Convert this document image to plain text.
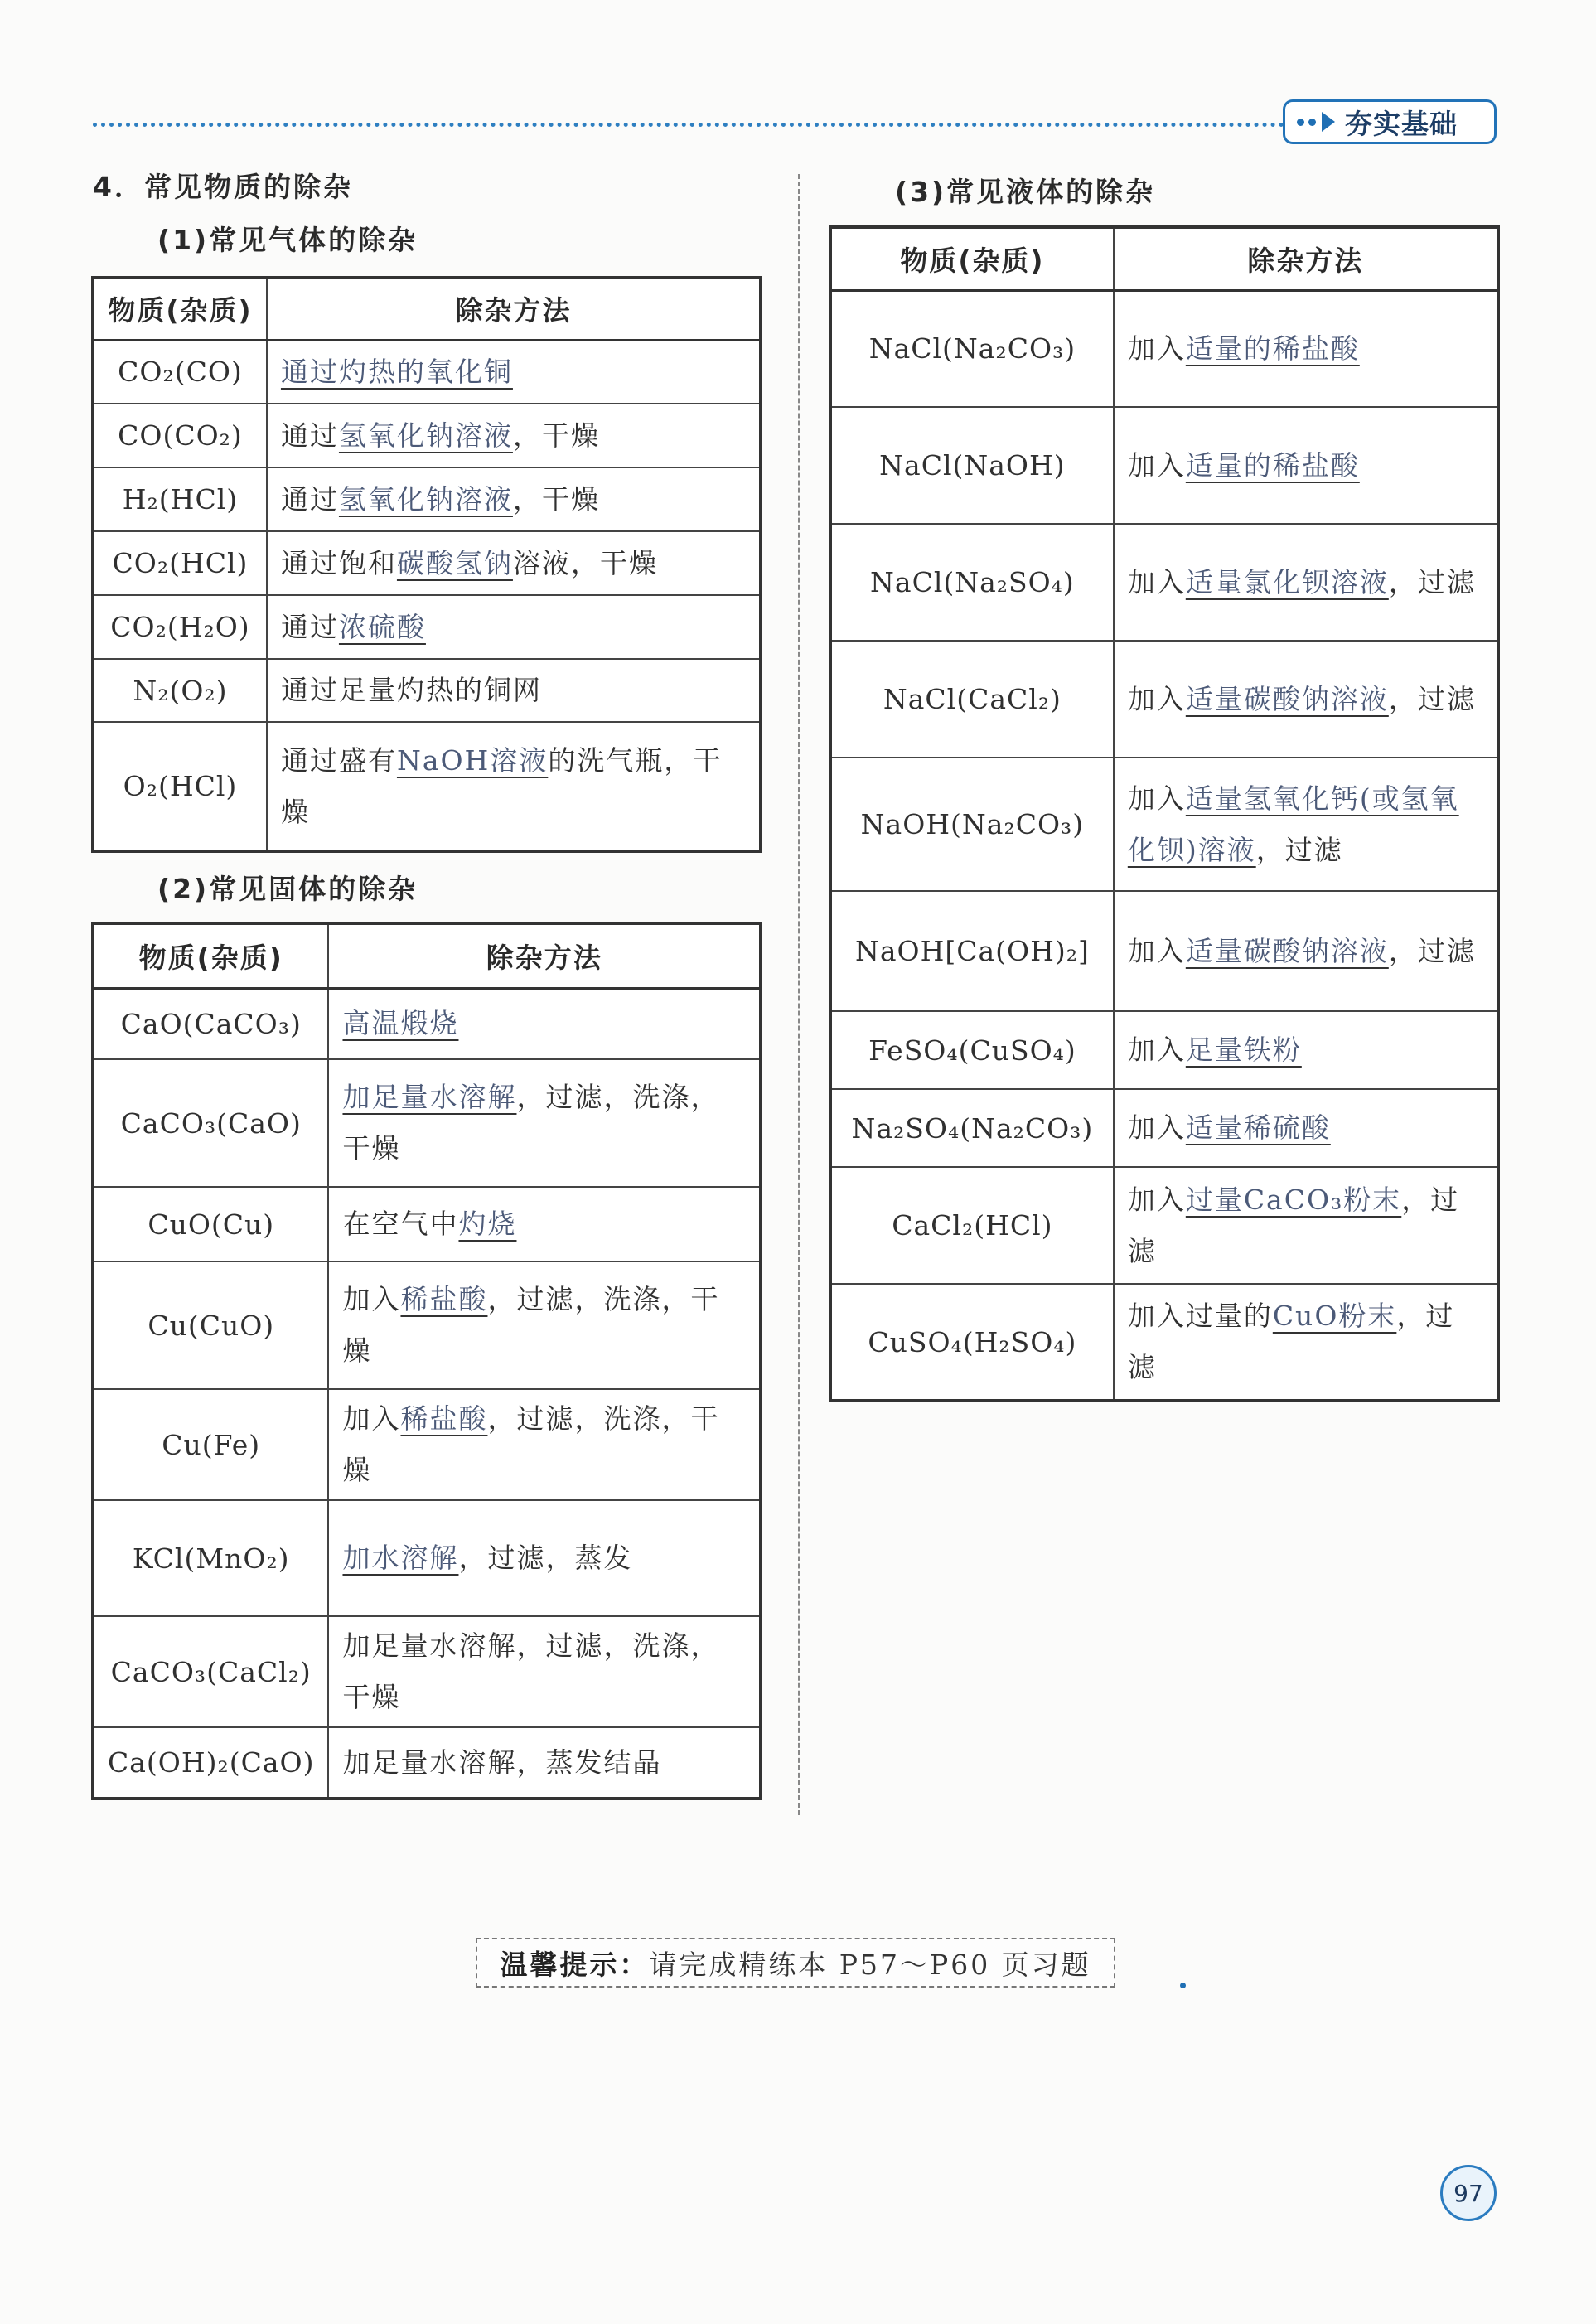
夯实基础
4．常见物质的除杂
(1)常见气体的除杂
物质(杂质)	除杂方法
CO₂(CO)	通过灼热的氧化铜
CO(CO₂)	通过氢氧化钠溶液，干燥
H₂(HCl)	通过氢氧化钠溶液，干燥
CO₂(HCl)	通过饱和碳酸氢钠溶液，干燥
CO₂(H₂O)	通过浓硫酸
N₂(O₂)	通过足量灼热的铜网
O₂(HCl)	通过盛有NaOH溶液的洗气瓶，干燥
(2)常见固体的除杂
物质(杂质)	除杂方法
CaO(CaCO₃)	高温煅烧
CaCO₃(CaO)	加足量水溶解，过滤，洗涤，干燥
CuO(Cu)	在空气中灼烧
Cu(CuO)	加入稀盐酸，过滤，洗涤，干燥
Cu(Fe)	加入稀盐酸，过滤，洗涤，干燥
KCl(MnO₂)	加水溶解，过滤，蒸发
CaCO₃(CaCl₂)	加足量水溶解，过滤，洗涤，干燥
Ca(OH)₂(CaO)	加足量水溶解，蒸发结晶
(3)常见液体的除杂
物质(杂质)	除杂方法
NaCl(Na₂CO₃)	加入适量的稀盐酸
NaCl(NaOH)	加入适量的稀盐酸
NaCl(Na₂SO₄)	加入适量氯化钡溶液，过滤
NaCl(CaCl₂)	加入适量碳酸钠溶液，过滤
NaOH(Na₂CO₃)	加入适量氢氧化钙(或氢氧化钡)溶液，过滤
NaOH[Ca(OH)₂]	加入适量碳酸钠溶液，过滤
FeSO₄(CuSO₄)	加入足量铁粉
Na₂SO₄(Na₂CO₃)	加入适量稀硫酸
CaCl₂(HCl)	加入过量CaCO₃粉末，过滤
CuSO₄(H₂SO₄)	加入过量的CuO粉末，过滤
温馨提示： 请完成精练本 P57～P60 页习题
97
